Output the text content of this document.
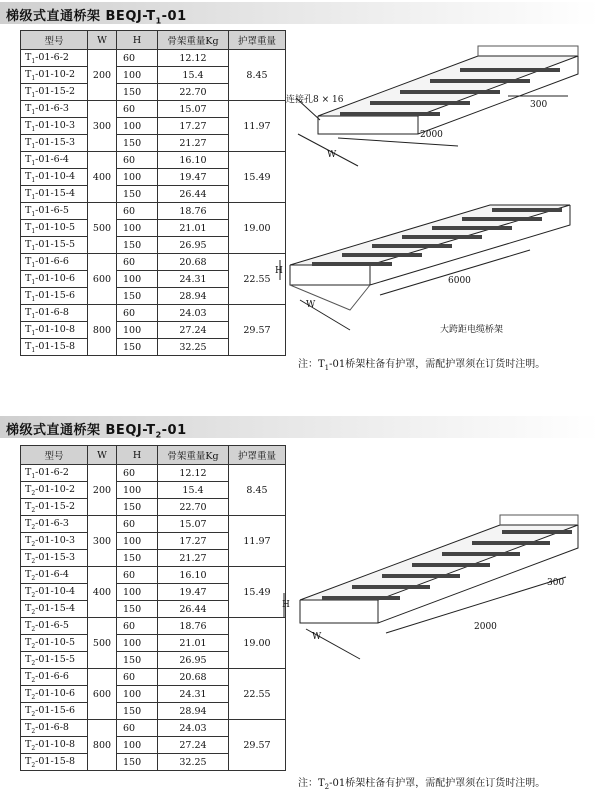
梯级式直通桥架 BEQJ-$T_1-01$
型号	W	H	骨架重量Kg	护罩重量
$T_1-01-6-2$	200	60	12.12	8.45
$T_1-01-10-2$		100	15.4	
$T_1-01-15-2$		150	22.70	
$T_1-01-6-3$	300	60	15.07	11.97
$T_1-01-10-3$		100	17.27	
$T_1-01-15-3$		150	21.27	
$T_1-01-6-4$	400	60	16.10	15.49
$T_1-01-10-4$		100	19.47	
$T_1-01-15-4$		150	26.44	
$T_1-01-6-5$	500	60	18.76	19.00
$T_1-01-10-5$		100	21.01	
$T_1-01-15-5$		150	26.95	
$T_1-01-6-6$	600	60	20.68	22.55
$T_1-01-10-6$		100	24.31	
$T_1-01-15-6$		150	28.94	
$T_1-01-6-8$	800	60	24.03	29.57
$T_1-01-10-8$		100	27.24	
$T_1-01-15-8$		150	32.25	
连接孔8 × 16
2000
W
300
H
W
6000
大跨距电缆桥架
注：$T_1-01$桥架柱备有护罩，需配护罩须在订货时注明。
梯级式直通桥架 BEQJ-$T_2-01$
型号	W	H	骨架重量Kg	护罩重量
$T_1-01-6-2$	200	60	12.12	8.45
$T_2-01-10-2$		100	15.4	
$T_2-01-15-2$		150	22.70	
$T_2-01-6-3$	300	60	15.07	11.97
$T_2-01-10-3$		100	17.27	
$T_2-01-15-3$		150	21.27	
$T_2-01-6-4$	400	60	16.10	15.49
$T_2-01-10-4$		100	19.47	
$T_2-01-15-4$		150	26.44	
$T_2-01-6-5$	500	60	18.76	19.00
$T_2-01-10-5$		100	21.01	
$T_2-01-15-5$		150	26.95	
$T_2-01-6-6$	600	60	20.68	22.55
$T_2-01-10-6$		100	24.31	
$T_2-01-15-6$		150	28.94	
$T_2-01-6-8$	800	60	24.03	29.57
$T_2-01-10-8$		100	27.24	
$T_2-01-15-8$		150	32.25	
H
W
2000
300
注：$T_2-01$桥架柱备有护罩，需配护罩须在订货时注明。
